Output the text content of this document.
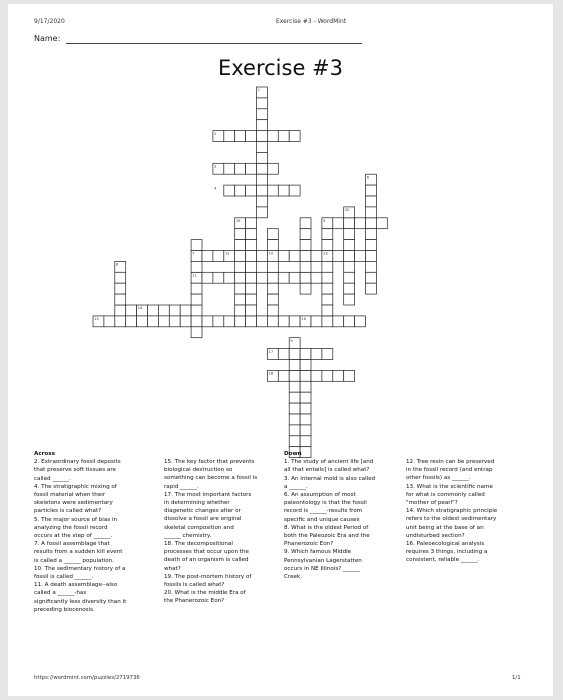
9/17/2020	Exercise #3 - WordMint
Name:
Exercise #3
1
2
3
4
5
6
7
8
9
10
11
12	13
14
15	16
17
18
19
20
Across
2. Extraordinary fossil deposits
that preserve soft tissues are
called ______.
4. The stratigraphic mixing of
fossil material when their
skeletons were sedimentary
particles is called what?
5. The major source of bias in
analyzing the fossil record
occurs at the step of ______.
7. A fossil assemblage that
results from a sudden kill event
is called a ______ population.
10. The sedimentary history of a
fossil is called ______.
11. A death assemblage--also
called a ______-has
significantly less diversity than it
preceding biocenosis.
15. The key factor that prevents
biological destruction so
something can become a fossil is
rapid ______.
17. The most important factors
in determining whether
diagenetic changes alter or
dissolve a fossil are original
skeletal composition and
______ chemistry.
18. The decompositional
processes that occur upon the
death of an organism is called
what?
19. The post-mortem history of
fossils is called what?
20. What is the middle Era of
the Phanerozoic Eon?
Down
1. The study of ancient life [and
all that entails] is called what?
3. An internal mold is also called
a ______.
6. An assumption of most
paleontology is that the fossil
record is ______-results from
specific and unique causes
8. What is the oldest Period of
both the Paleozoic Era and the
Phanerozoic Eon?
9. Which famous Middle
Pennsylvanian Lagerstatten
occurs in NE Illinois? ______
Creek.
12. Tree resin can be preserved
in the fossil record (and entrap
other fossils) as ______.
13. What is the scientific name
for what is commonly called
"mother of pearl"?
14. Which stratigraphic principle
refers to the oldest sedimentary
unit being at the base of an
undisturbed section?
16. Paleoecological analysis
requires 3 things, including a
consistent, reliable ______.
https://wordmint.com/puzzles/2719736	1/1
